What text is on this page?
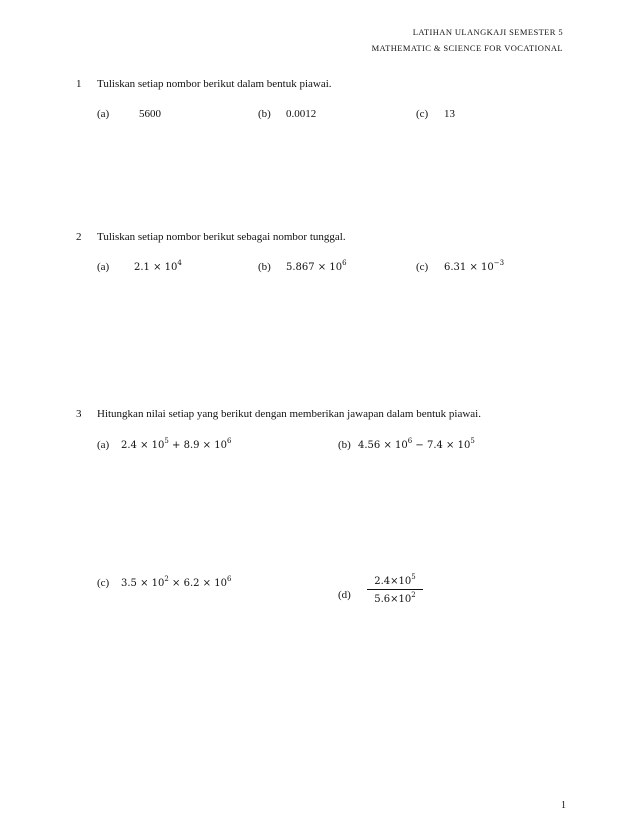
LATIHAN ULANGKAJI SEMESTER 5
MATHEMATIC & SCIENCE FOR VOCATIONAL
1 Tuliskan setiap nombor berikut dalam bentuk piawai.
(a)	5600	(b) 0.0012	(c) 13
2 Tuliskan setiap nombor berikut sebagai nombor tunggal.
(a) $2.1 \times 10^4$	(b) $5.867 \times 10^6$	(c) $6.31 \times 10^{-3}$
3 Hitungkan nilai setiap yang berikut dengan memberikan jawapan dalam bentuk piawai.
(a) $2.4 \times 10^5 + 8.9 \times 10^6$	(b) $4.56 \times 10^6 - 7.4 \times 10^5$
(c) $3.5 \times 10^2 \times 6.2 \times 10^6$
(d)
$2.4\times 10^5$
$5.6\times 10^2$
1
